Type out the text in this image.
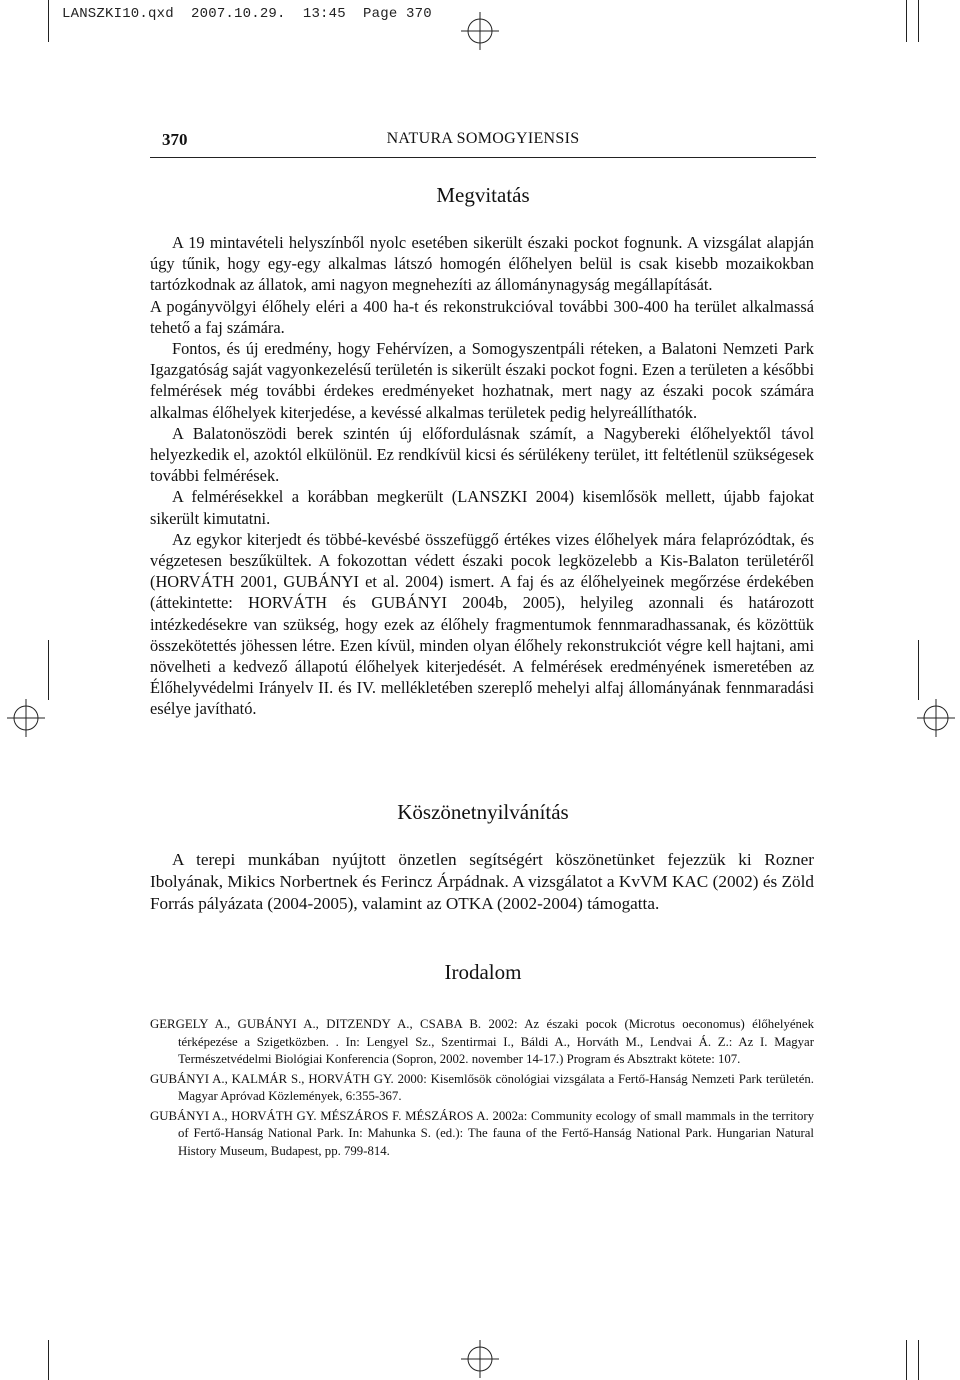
LANSZKI10.qxd  2007.10.29.  13:45  Page 370
370	NATURA SOMOGYIENSIS
Megvitatás

A 19 mintavételi helyszínből nyolc esetében sikerült északi pockot fognunk. A vizsgálat alapján úgy tűnik, hogy egy-egy alkalmas látszó homogén élőhelyen belül is csak kisebb mozaikokban tartózkodnak az állatok, ami nagyon megnehezíti az állománynagyság megállapítását.

A pogányvölgyi élőhely eléri a 400 ha-t és rekonstrukcióval további 300-400 ha terület alkalmassá tehető a faj számára.

Fontos, és új eredmény, hogy Fehérvízen, a Somogyszentpáli réteken, a Balatoni Nemzeti Park Igazgatóság saját vagyonkezelésű területén is sikerült északi pockot fogni. Ezen a területen a későbbi felmérések még további érdekes eredményeket hozhatnak, mert nagy az északi pocok számára alkalmas élőhelyek kiterjedése, a kevéssé alkalmas területek pedig helyreállíthatók.

A Balatonöszödi berek szintén új előfordulásnak számít, a Nagybereki élőhelyektől távol helyezkedik el, azoktól elkülönül. Ez rendkívül kicsi és sérülékeny terület, itt feltétlenül szükségesek további felmérések.

A felmérésekkel a korábban megkerült (LANSZKI 2004) kisemlősök mellett, újabb fajokat sikerült kimutatni.

Az egykor kiterjedt és többé-kevésbé összefüggő értékes vizes élőhelyek mára felaprózódtak, és végzetesen beszűkültek. A fokozottan védett északi pocok legközelebb a Kis-Balaton területéről (HORVÁTH 2001, GUBÁNYI et al. 2004) ismert. A faj és az élőhelyeinek megőrzése érdekében (áttekintette: HORVÁTH és GUBÁNYI 2004b, 2005), helyileg azonnali és határozott intézkedésekre van szükség, hogy ezek az élőhely fragmentumok fennmaradhassanak, és közöttük összekötettés jöhessen létre. Ezen kívül, minden olyan élőhely rekonstrukciót végre kell hajtani, ami növelheti a kedvező állapotú élőhelyek kiterjedését. A felmérések eredményének ismeretében az Élőhelyvédelmi Irányelv II. és IV. mellékletében szereplő mehelyi alfaj állományának fennmaradási esélye javítható.

Köszönetnyilvánítás

A terepi munkában nyújtott önzetlen segítségért köszönetünket fejezzük ki Rozner Ibolyának, Mikics Norbertnek és Ferincz Árpádnak. A vizsgálatot a KvVM KAC (2002) és Zöld Forrás pályázata (2004-2005), valamint az OTKA (2002-2004) támogatta.

Irodalom

GERGELY A., GUBÁNYI A., DITZENDY A., CSABA B. 2002: Az északi pocok (Microtus oeconomus) élőhelyének térképezése a Szigetközben. . In: Lengyel Sz., Szentirmai I., Báldi A., Horváth M., Lendvai Á. Z.: Az I. Magyar Természetvédelmi Biológiai Konferencia (Sopron, 2002. november 14-17.) Program és Absztrakt kötete: 107.

GUBÁNYI A., KALMÁR S., HORVÁTH GY. 2000: Kisemlősök cönológiai vizsgálata a Fertő-Hanság Nemzeti Park területén. Magyar Apróvad Közlemények, 6:355-367.

GUBÁNYI A., HORVÁTH GY. MÉSZÁROS F. MÉSZÁROS A. 2002a: Community ecology of small mammals in the territory of Fertő-Hanság National Park. In: Mahunka S. (ed.): The fauna of the Fertő-Hanság National Park. Hungarian Natural History Museum, Budapest, pp. 799-814.
